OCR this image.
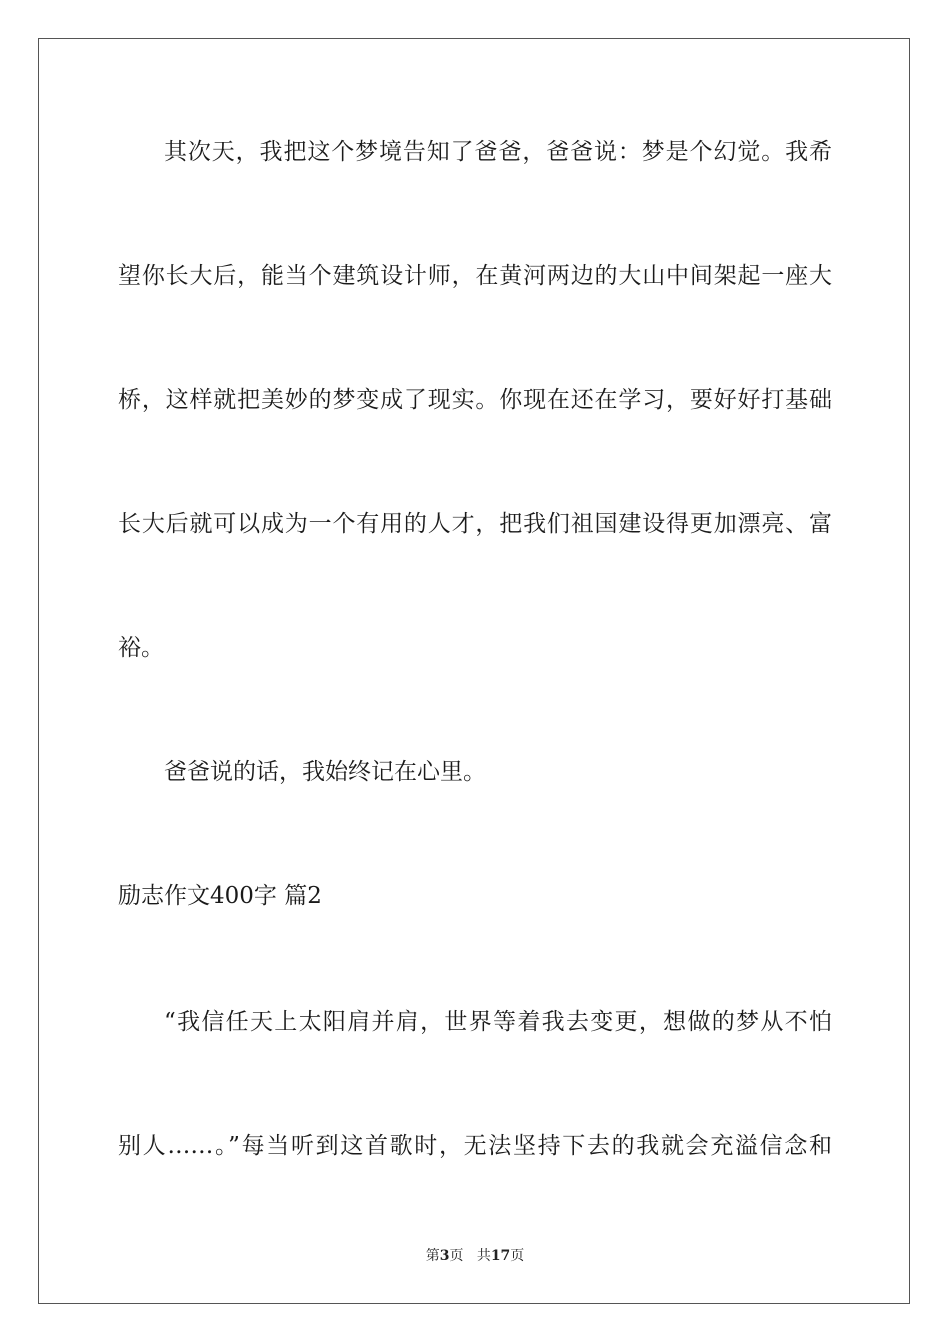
其次天，我把这个梦境告知了爸爸，爸爸说：梦是个幻觉。我希
望你长大后，能当个建筑设计师，在黄河两边的大山中间架起一座大
桥，这样就把美妙的梦变成了现实。你现在还在学习，要好好打基础
长大后就可以成为一个有用的人才，把我们祖国建设得更加漂亮、富
裕。
爸爸说的话，我始终记在心里。
励志作文400字 篇2
“我信任天上太阳肩并肩，世界等着我去变更，想做的梦从不怕
别人……。”每当听到这首歌时，无法坚持下去的我就会充溢信念和
第3页 共17页
